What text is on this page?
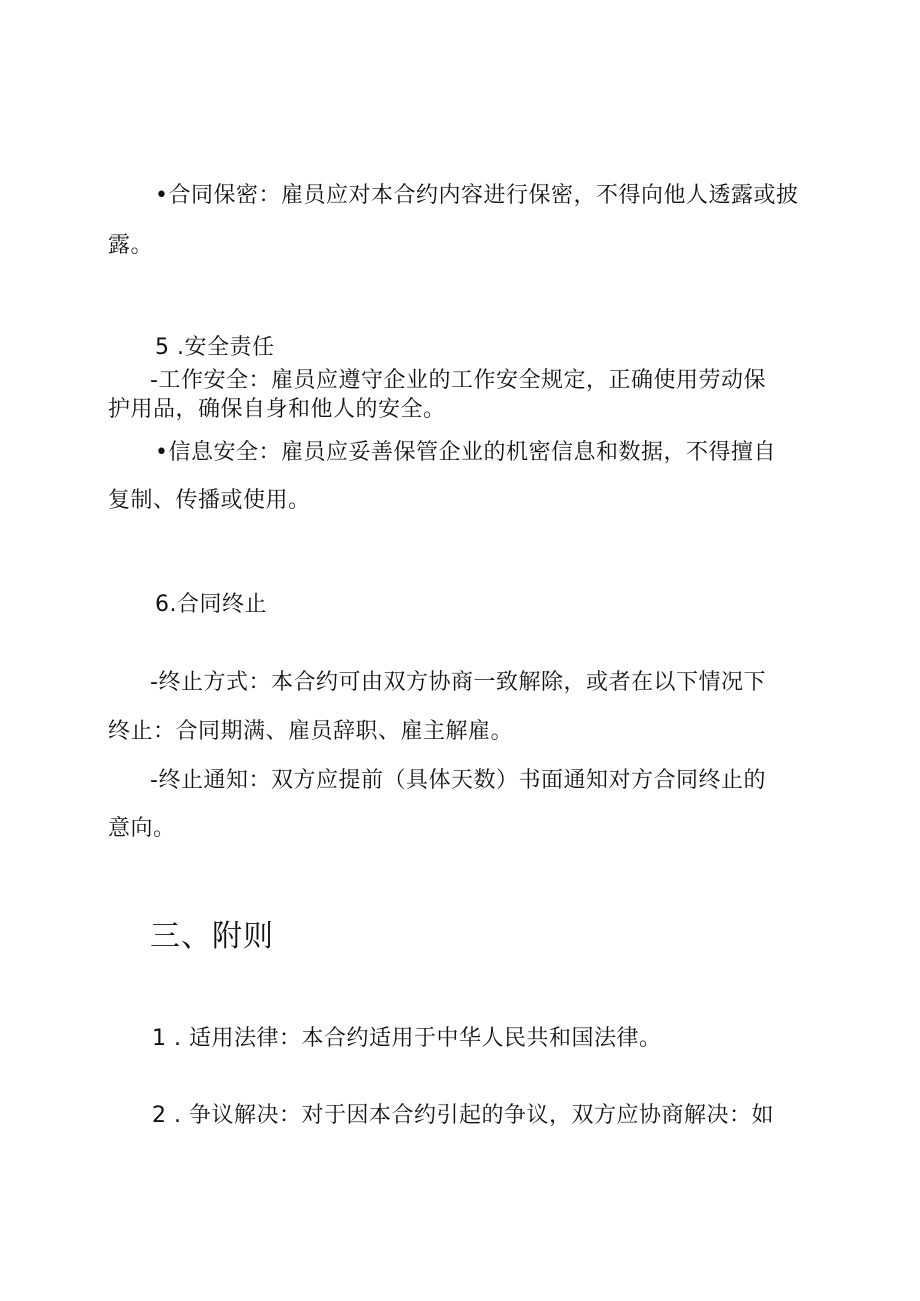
•合同保密：雇员应对本合约内容进行保密，不得向他人透露或披
露。
5 .安全责任
-工作安全：雇员应遵守企业的工作安全规定，正确使用劳动保
护用品，确保自身和他人的安全。
•信息安全：雇员应妥善保管企业的机密信息和数据，不得擅自
复制、传播或使用。
6.合同终止
-终止方式：本合约可由双方协商一致解除，或者在以下情况下
终止：合同期满、雇员辞职、雇主解雇。
-终止通知：双方应提前（具体天数）书面通知对方合同终止的
意向。
三、附则
1 . 适用法律：本合约适用于中华人民共和国法律。
2 . 争议解决：对于因本合约引起的争议，双方应协商解决：如
